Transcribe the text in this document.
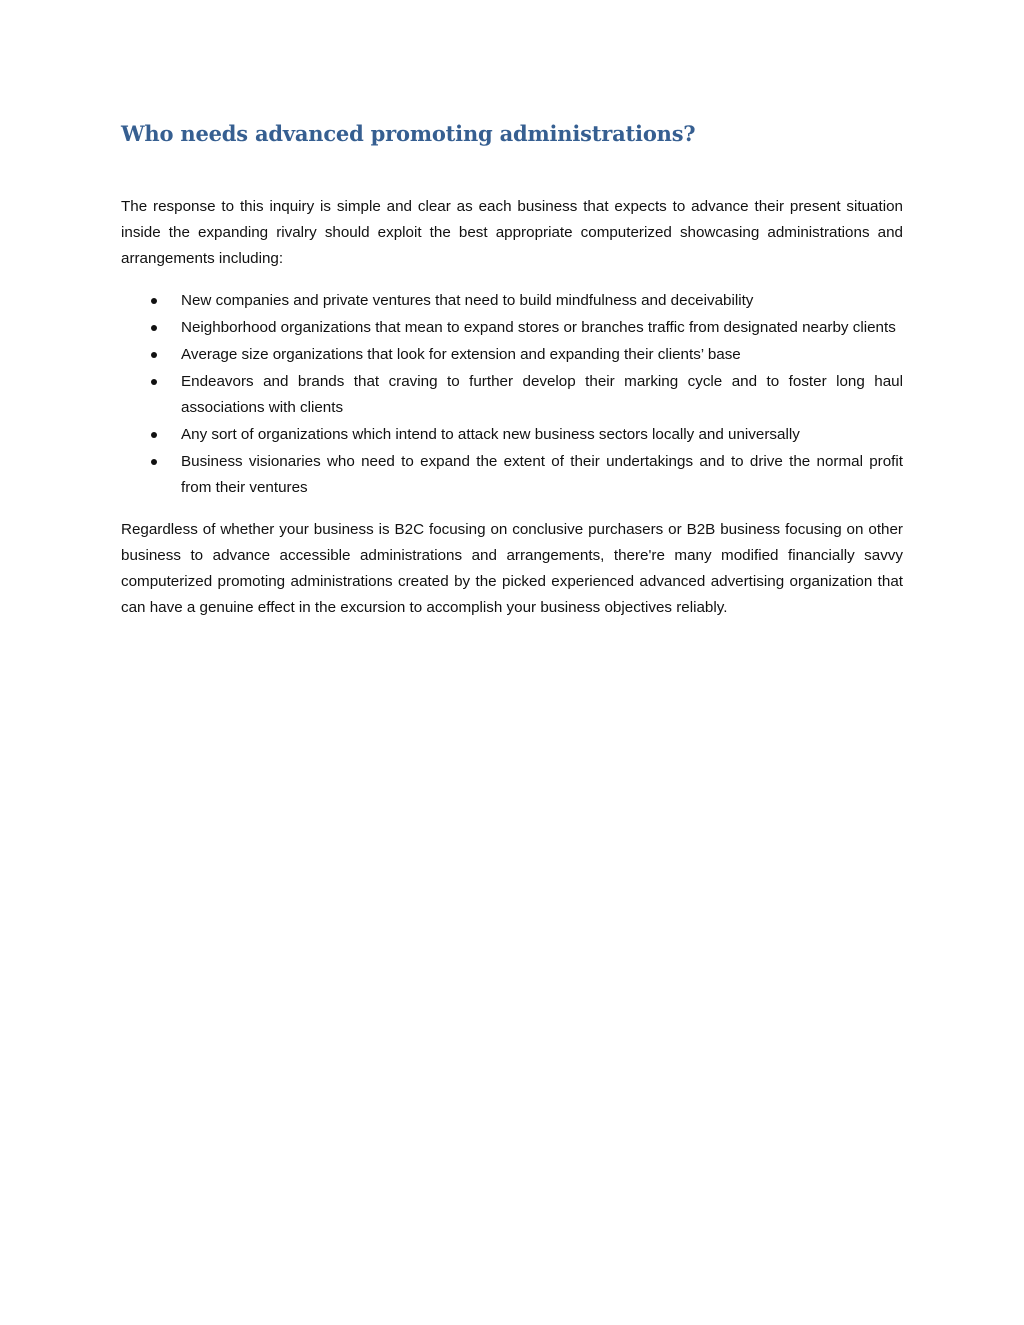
Who needs advanced promoting administrations?

The response to this inquiry is simple and clear as each business that expects to advance their present situation inside the expanding rivalry should exploit the best appropriate computerized showcasing administrations and arrangements including:

New companies and private ventures that need to build mindfulness and deceivability
Neighborhood organizations that mean to expand stores or branches traffic from designated nearby clients
Average size organizations that look for extension and expanding their clients’ base
Endeavors and brands that craving to further develop their marking cycle and to foster long haul associations with clients
Any sort of organizations which intend to attack new business sectors locally and universally
Business visionaries who need to expand the extent of their undertakings and to drive the normal profit from their ventures

Regardless of whether your business is B2C focusing on conclusive purchasers or B2B business focusing on other business to advance accessible administrations and arrangements, there're many modified financially savvy computerized promoting administrations created by the picked experienced advanced advertising organization that can have a genuine effect in the excursion to accomplish your business objectives reliably.
